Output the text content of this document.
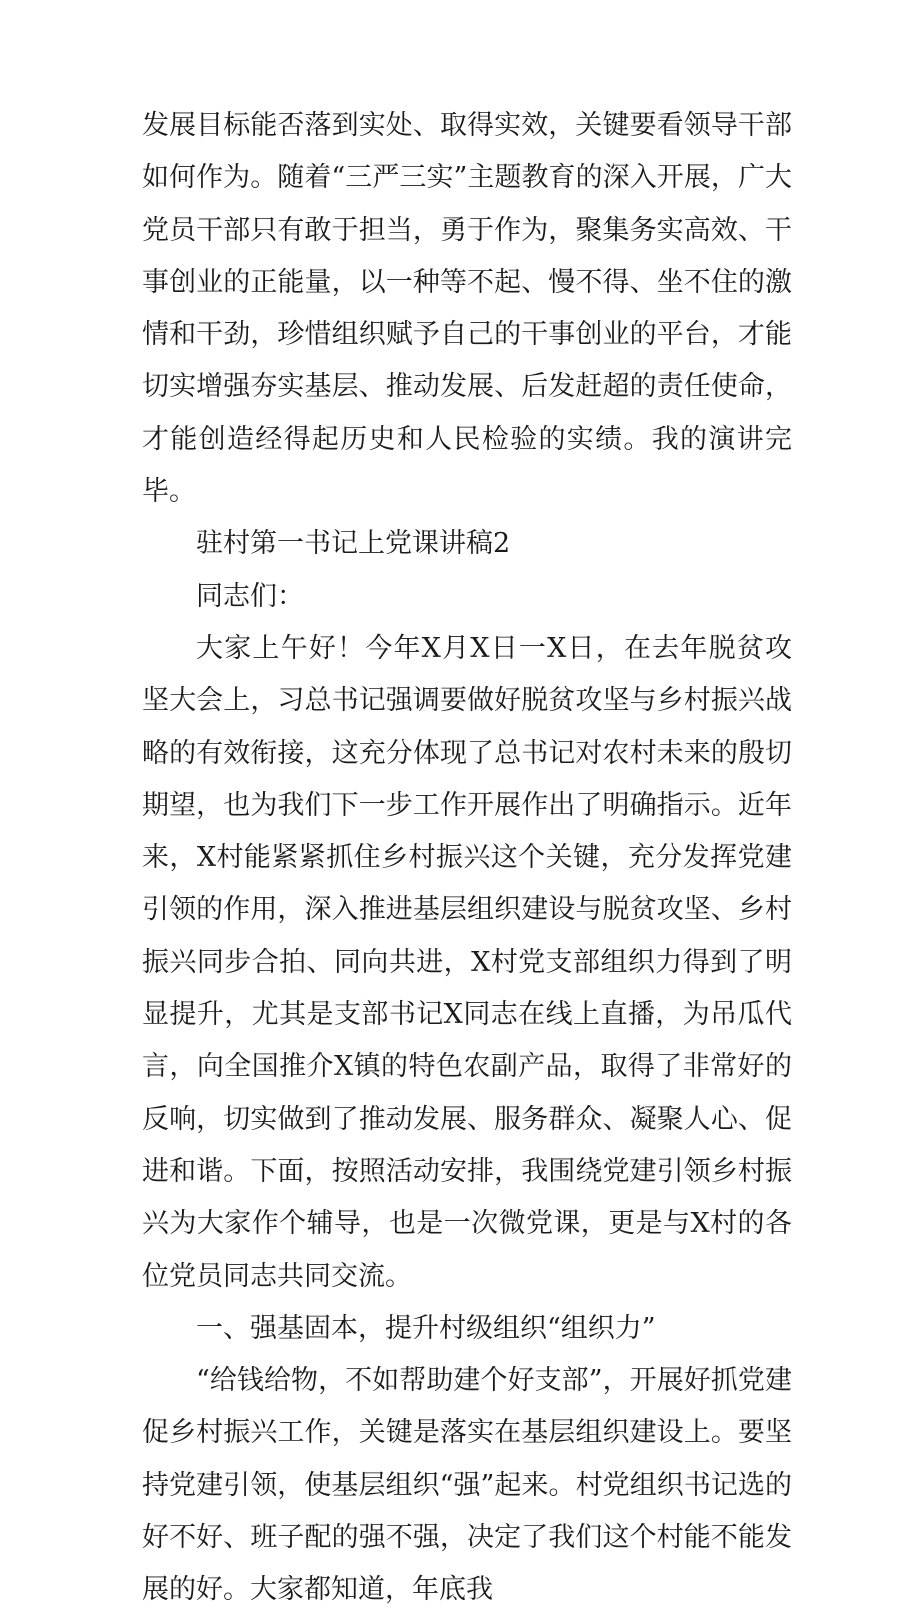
发展目标能否落到实处、取得实效，关键要看领导干部如何作为。随着“三严三实”主题教育的深入开展，广大党员干部只有敢于担当，勇于作为，聚集务实高效、干事创业的正能量，以一种等不起、慢不得、坐不住的激情和干劲，珍惜组织赋予自己的干事创业的平台，才能切实增强夯实基层、推动发展、后发赶超的责任使命，才能创造经得起历史和人民检验的实绩。我的演讲完毕。

驻村第一书记上党课讲稿2

同志们：

大家上午好！今年X月X日一X日，在去年脱贫攻坚大会上，习总书记强调要做好脱贫攻坚与乡村振兴战略的有效衔接，这充分体现了总书记对农村未来的殷切期望，也为我们下一步工作开展作出了明确指示。近年来，X村能紧紧抓住乡村振兴这个关键，充分发挥党建引领的作用，深入推进基层组织建设与脱贫攻坚、乡村振兴同步合拍、同向共进，X村党支部组织力得到了明显提升，尤其是支部书记X同志在线上直播，为吊瓜代言，向全国推介X镇的特色农副产品，取得了非常好的反响，切实做到了推动发展、服务群众、凝聚人心、促进和谐。下面，按照活动安排，我围绕党建引领乡村振兴为大家作个辅导，也是一次微党课，更是与X村的各位党员同志共同交流。

一、强基固本，提升村级组织“组织力”

“给钱给物，不如帮助建个好支部”，开展好抓党建促乡村振兴工作，关键是落实在基层组织建设上。要坚持党建引领，使基层组织“强”起来。村党组织书记选的好不好、班子配的强不强，决定了我们这个村能不能发展的好。大家都知道，年底我
